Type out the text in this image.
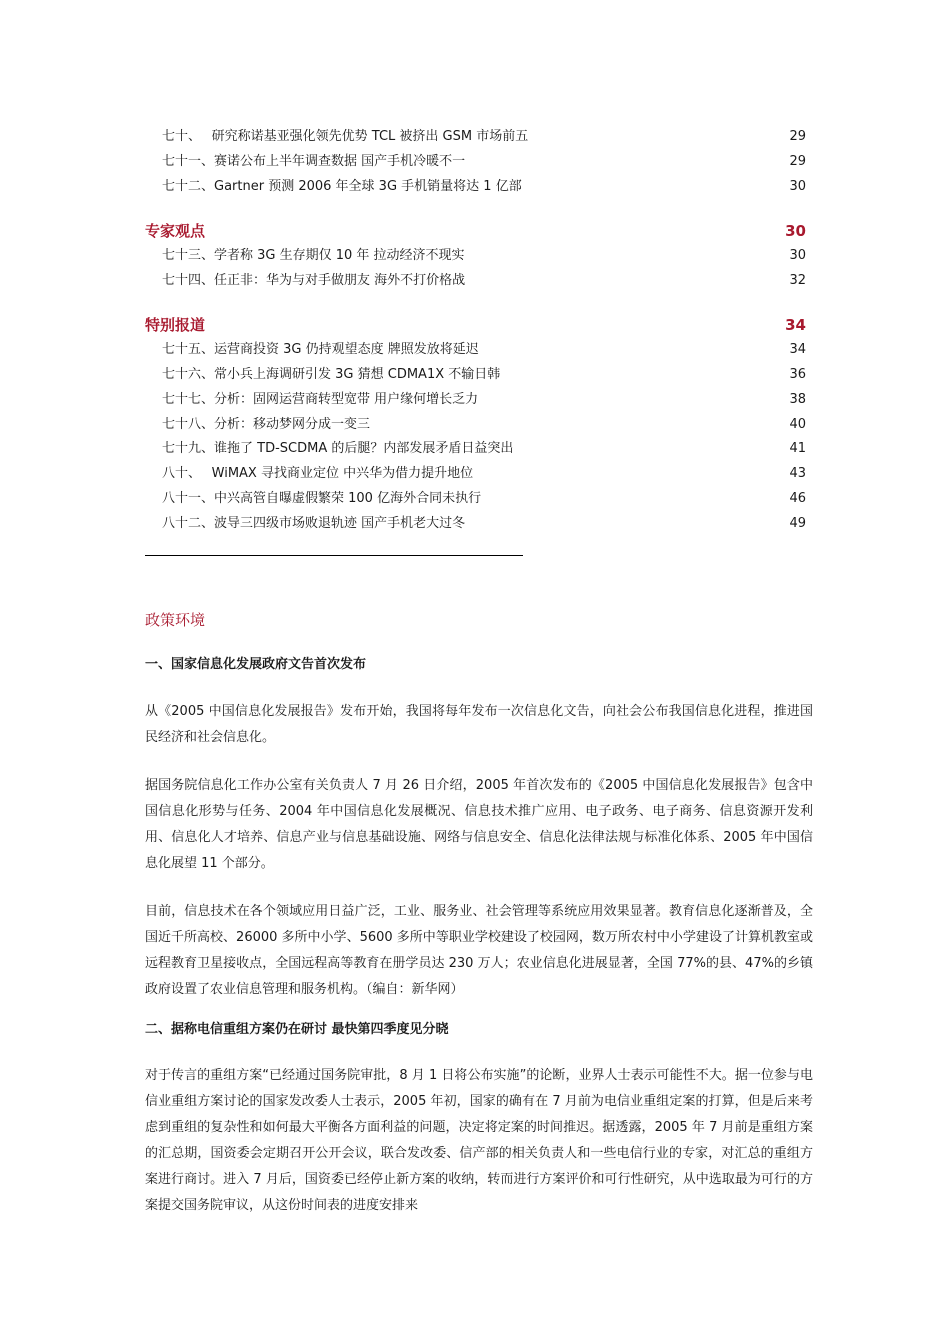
七十、　 研究称诺基亚强化领先优势 TCL 被挤出 GSM 市场前五	29
七十一、赛诺公布上半年调查数据 国产手机冷暖不一	29
七十二、Gartner 预测 2006 年全球 3G 手机销量将达 1 亿部	30
专家观点	30
七十三、学者称 3G 生存期仅 10 年 拉动经济不现实	30
七十四、任正非：华为与对手做朋友 海外不打价格战	32
特别报道	34
七十五、运营商投资 3G 仍持观望态度 牌照发放将延迟	34
七十六、常小兵上海调研引发 3G 猜想 CDMA1X 不输日韩	36
七十七、分析：固网运营商转型宽带 用户缘何增长乏力	38
七十八、分析：移动梦网分成一变三	40
七十九、谁拖了 TD-SCDMA 的后腿？内部发展矛盾日益突出	41
八十、　 WiMAX 寻找商业定位 中兴华为借力提升地位	43
八十一、中兴高管自曝虚假繁荣 100 亿海外合同未执行	46
八十二、波导三四级市场败退轨迹 国产手机老大过冬	49
政策环境
一、国家信息化发展政府文告首次发布

从《2005 中国信息化发展报告》发布开始，我国将每年发布一次信息化文告，向社会公布我国信息化进程，推进国民经济和社会信息化。

据国务院信息化工作办公室有关负责人 7 月 26 日介绍，2005 年首次发布的《2005 中国信息化发展报告》包含中国信息化形势与任务、2004 年中国信息化发展概况、信息技术推广应用、电子政务、电子商务、信息资源开发利用、信息化人才培养、信息产业与信息基础设施、网络与信息安全、信息化法律法规与标准化体系、2005 年中国信息化展望 11 个部分。

目前，信息技术在各个领域应用日益广泛，工业、服务业、社会管理等系统应用效果显著。教育信息化逐渐普及，全国近千所高校、26000 多所中小学、5600 多所中等职业学校建设了校园网，数万所农村中小学建设了计算机教室或远程教育卫星接收点，全国远程高等教育在册学员达 230 万人；农业信息化进展显著，全国 77%的县、47%的乡镇政府设置了农业信息管理和服务机构。（编自：新华网）

二、据称电信重组方案仍在研讨 最快第四季度见分晓

对于传言的重组方案“已经通过国务院审批，8 月 1 日将公布实施”的论断，业界人士表示可能性不大。据一位参与电信业重组方案讨论的国家发改委人士表示，2005 年初，国家的确有在 7 月前为电信业重组定案的打算，但是后来考虑到重组的复杂性和如何最大平衡各方面利益的问题，决定将定案的时间推迟。据透露，2005 年 7 月前是重组方案的汇总期，国资委会定期召开公开会议，联合发改委、信产部的相关负责人和一些电信行业的专家，对汇总的重组方案进行商讨。进入 7 月后，国资委已经停止新方案的收纳，转而进行方案评价和可行性研究，从中选取最为可行的方案提交国务院审议，从这份时间表的进度安排来
